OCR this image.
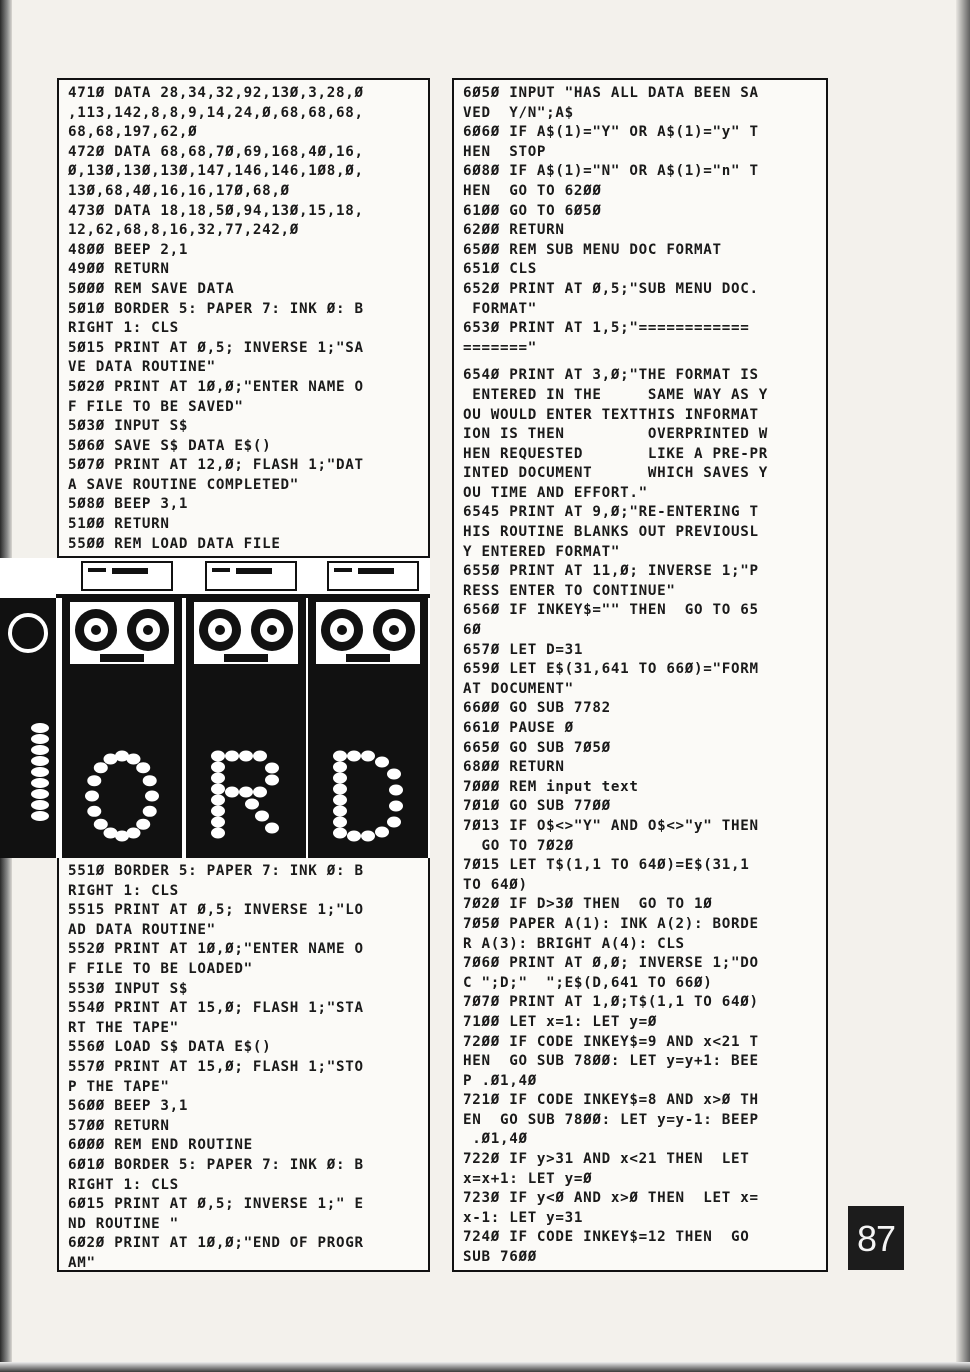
471Ø DATA 28,34,32,92,13Ø,3,28,Ø
,113,142,8,8,9,14,24,Ø,68,68,68,
68,68,197,62,Ø
472Ø DATA 68,68,7Ø,69,168,4Ø,16,
Ø,13Ø,13Ø,13Ø,147,146,146,1Ø8,Ø,
13Ø,68,4Ø,16,16,17Ø,68,Ø
473Ø DATA 18,18,5Ø,94,13Ø,15,18,
12,62,68,8,16,32,77,242,Ø
48ØØ BEEP 2,1
49ØØ RETURN
5ØØØ REM SAVE DATA
5Ø1Ø BORDER 5: PAPER 7: INK Ø: B
RIGHT 1: CLS
5Ø15 PRINT AT Ø,5; INVERSE 1;"SA
VE DATA ROUTINE"
5Ø2Ø PRINT AT 1Ø,Ø;"ENTER NAME O
F FILE TO BE SAVED"
5Ø3Ø INPUT S$
5Ø6Ø SAVE S$ DATA E$()
5Ø7Ø PRINT AT 12,Ø; FLASH 1;"DAT
A SAVE ROUTINE COMPLETED"
5Ø8Ø BEEP 3,1
51ØØ RETURN
55ØØ REM LOAD DATA FILE
551Ø BORDER 5: PAPER 7: INK Ø: B
RIGHT 1: CLS
5515 PRINT AT Ø,5; INVERSE 1;"LO
AD DATA ROUTINE"
552Ø PRINT AT 1Ø,Ø;"ENTER NAME O
F FILE TO BE LOADED"
553Ø INPUT S$
554Ø PRINT AT 15,Ø; FLASH 1;"STA
RT THE TAPE"
556Ø LOAD S$ DATA E$()
557Ø PRINT AT 15,Ø; FLASH 1;"STO
P THE TAPE"
56ØØ BEEP 3,1
57ØØ RETURN
6ØØØ REM END ROUTINE
6Ø1Ø BORDER 5: PAPER 7: INK Ø: B
RIGHT 1: CLS
6Ø15 PRINT AT Ø,5; INVERSE 1;" E
ND ROUTINE "
6Ø2Ø PRINT AT 1Ø,Ø;"END OF PROGR
AM"
6Ø5Ø INPUT "HAS ALL DATA BEEN SA
VED  Y/N";A$
6Ø6Ø IF A$(1)="Y" OR A$(1)="y" T
HEN  STOP
6Ø8Ø IF A$(1)="N" OR A$(1)="n" T
HEN  GO TO 62ØØ
61ØØ GO TO 6Ø5Ø
62ØØ RETURN
65ØØ REM SUB MENU DOC FORMAT
651Ø CLS
652Ø PRINT AT Ø,5;"SUB MENU DOC.
FORMAT"
653Ø PRINT AT 1,5;"============
======="
654Ø PRINT AT 3,Ø;"THE FORMAT IS
ENTERED IN THE     SAME WAY AS Y
OU WOULD ENTER TEXTTHIS INFORMAT
ION IS THEN         OVERPRINTED W
HEN REQUESTED       LIKE A PRE-PR
INTED DOCUMENT      WHICH SAVES Y
OU TIME AND EFFORT."
6545 PRINT AT 9,Ø;"RE-ENTERING T
HIS ROUTINE BLANKS OUT PREVIOUSL
Y ENTERED FORMAT"
655Ø PRINT AT 11,Ø; INVERSE 1;"P
RESS ENTER TO CONTINUE"
656Ø IF INKEY$="" THEN  GO TO 65
6Ø
657Ø LET D=31
659Ø LET E$(31,641 TO 66Ø)="FORM
AT DOCUMENT"
66ØØ GO SUB 7782
661Ø PAUSE Ø
665Ø GO SUB 7Ø5Ø
68ØØ RETURN
7ØØØ REM input text
7Ø1Ø GO SUB 77ØØ
7Ø13 IF O$<>"Y" AND O$<>"y" THEN
GO TO 7Ø2Ø
7Ø15 LET T$(1,1 TO 64Ø)=E$(31,1
TO 64Ø)
7Ø2Ø IF D>3Ø THEN  GO TO 1Ø
7Ø5Ø PAPER A(1): INK A(2): BORDE
R A(3): BRIGHT A(4): CLS
7Ø6Ø PRINT AT Ø,Ø; INVERSE 1;"DO
C ";D;"  ";E$(D,641 TO 66Ø)
7Ø7Ø PRINT AT 1,Ø;T$(1,1 TO 64Ø)
71ØØ LET x=1: LET y=Ø
72ØØ IF CODE INKEY$=9 AND x<21 T
HEN  GO SUB 78ØØ: LET y=y+1: BEE
P .Ø1,4Ø
721Ø IF CODE INKEY$=8 AND x>Ø TH
EN  GO SUB 78ØØ: LET y=y-1: BEEP
.Ø1,4Ø
722Ø IF y>31 AND x<21 THEN  LET
x=x+1: LET y=Ø
723Ø IF y<Ø AND x>Ø THEN  LET x=
x-1: LET y=31
724Ø IF CODE INKEY$=12 THEN  GO
SUB 76ØØ	87
